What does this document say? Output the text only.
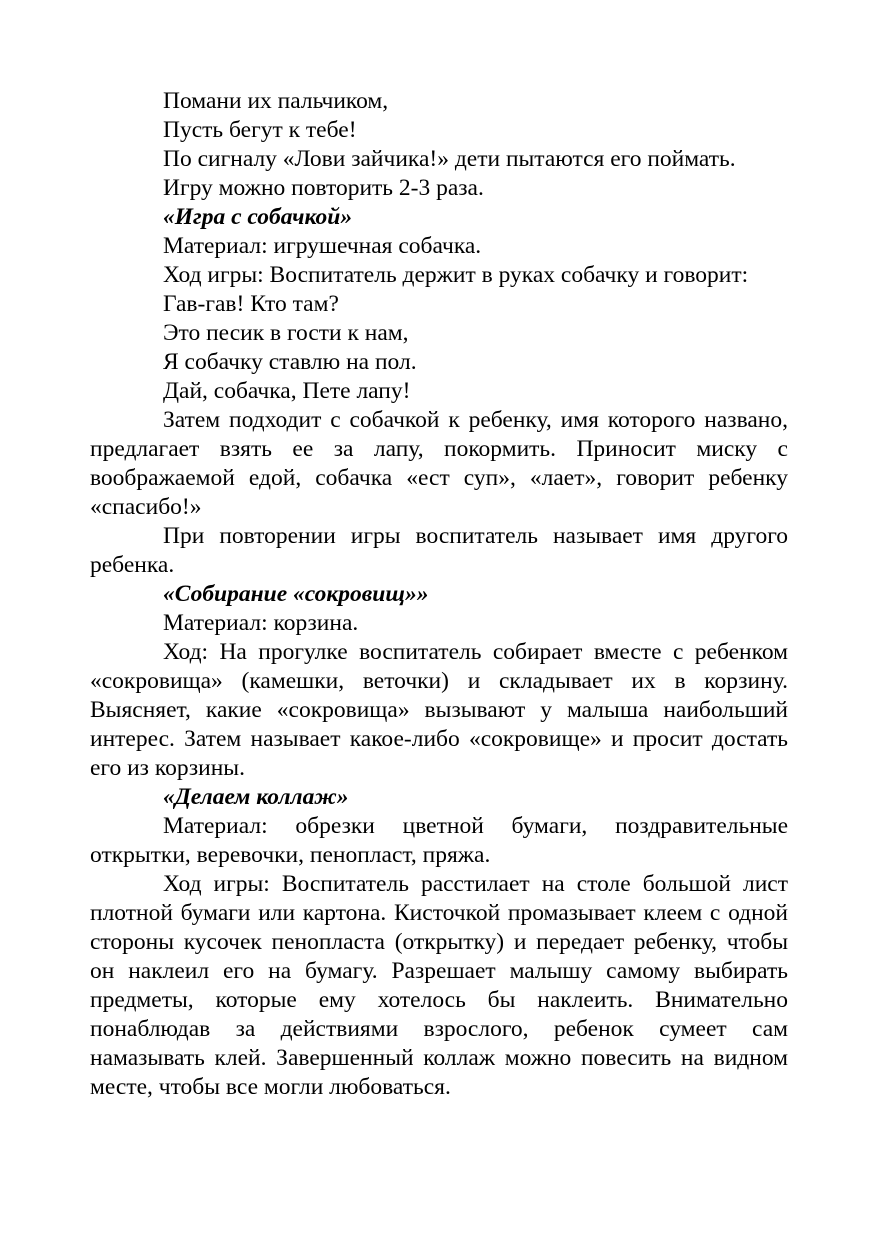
Помани их пальчиком,

Пусть бегут к тебе!

По сигналу «Лови зайчика!» дети пытаются его поймать.

Игру можно повторить 2-3 раза.

«Игра с собачкой»

Материал: игрушечная собачка.

Ход игры: Воспитатель держит в руках собачку и говорит:

Гав-гав! Кто там?

Это песик в гости к нам,

Я собачку ставлю на пол.

Дай, собачка, Пете лапу!

Затем подходит с собачкой к ребенку, имя которого названо, предлагает взять ее за лапу, покормить. Приносит миску с воображаемой едой, собачка «ест суп», «лает», говорит ребенку «спасибо!»

При повторении игры воспитатель называет имя другого ребенка.

«Собирание «сокровищ»»

Материал: корзина.

Ход: На прогулке воспитатель собирает вместе с ребенком «сокровища» (камешки, веточки) и складывает их в корзину. Выясняет, какие «сокровища» вызывают у малыша наибольший интерес. Затем называет какое-либо «сокровище» и просит достать его из корзины.

«Делаем коллаж»

Материал: обрезки цветной бумаги, поздравительные открытки, веревочки, пенопласт, пряжа.

Ход игры: Воспитатель расстилает на столе большой лист плотной бумаги или картона. Кисточкой промазывает клеем с одной стороны кусочек пенопласта (открытку) и передает ребенку, чтобы он наклеил его на бумагу. Разрешает малышу самому выбирать предметы, которые ему хотелось бы наклеить. Внимательно понаблюдав за действиями взрослого, ребенок сумеет сам намазывать клей. Завершенный коллаж можно повесить на видном месте, чтобы все могли любоваться.
